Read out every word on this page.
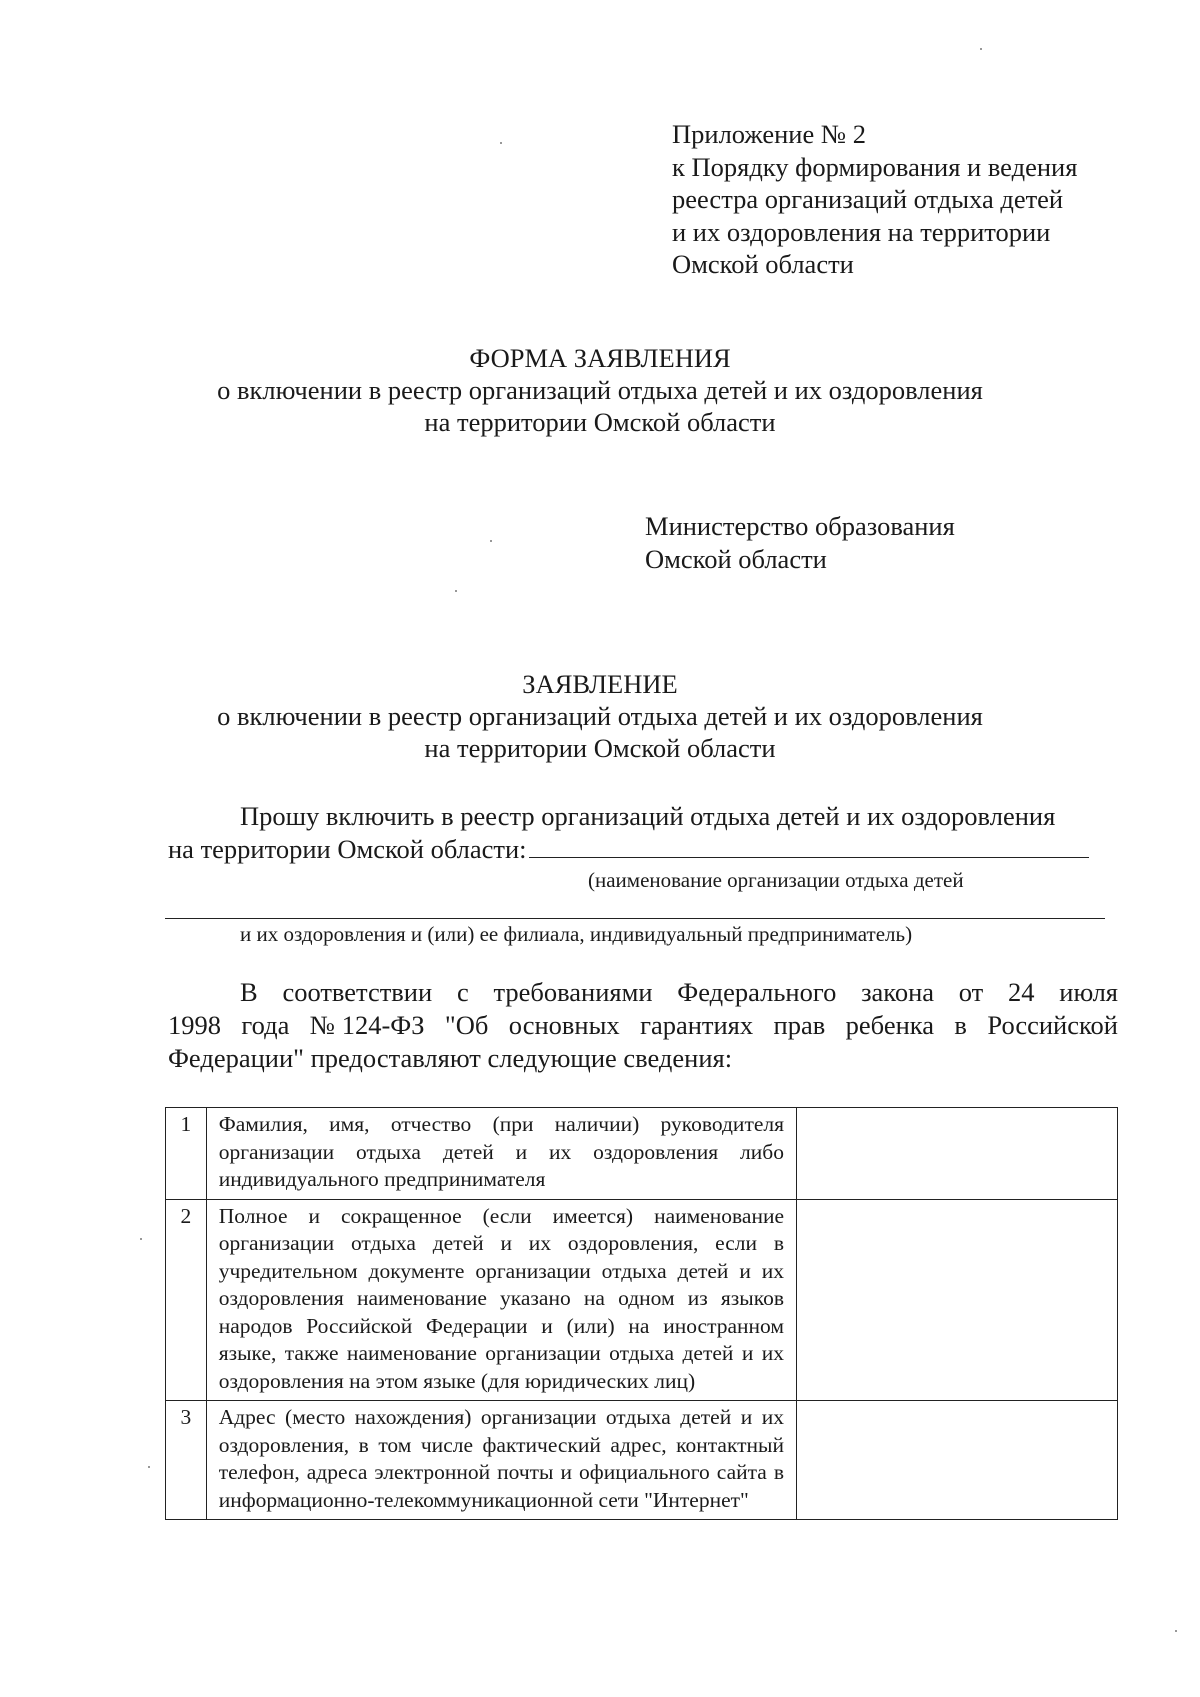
Приложение № 2
к Порядку формирования и ведения
реестра организаций отдыха детей
и их оздоровления на территории
Омской области
ФОРМА ЗАЯВЛЕНИЯ
о включении в реестр организаций отдыха детей и их оздоровления
на территории Омской области
Министерство образования
Омской области
ЗАЯВЛЕНИЕ
о включении в реестр организаций отдыха детей и их оздоровления
на территории Омской области
Прошу включить в реестр организаций отдыха детей и их оздоровления
на территории Омской области:
(наименование организации отдыха детей
и их оздоровления и (или) ее филиала, индивидуальный предприниматель)
В соответствии с требованиями Федерального закона от 24 июля
1998 года № 124-ФЗ "Об основных гарантиях прав ребенка в Российской
Федерации" предоставляют следующие сведения:
1	Фамилия, имя, отчество (при наличии) руководителя организации отдыха детей и их оздоровления либо индивидуального предпринимателя	
2	Полное и сокращенное (если имеется) наименование организации отдыха детей и их оздоровления, если в учредительном документе организации отдыха детей и их оздоровления наименование указано на одном из языков народов Российской Федерации и (или) на иностранном языке, также наименование организации отдыха детей и их оздоровления на этом языке (для юридических лиц)	
3	Адрес (место нахождения) организации отдыха детей и их оздоровления, в том числе фактический адрес, контактный телефон, адреса электронной почты и официального сайта в информационно-телекоммуникационной сети "Интернет"	
